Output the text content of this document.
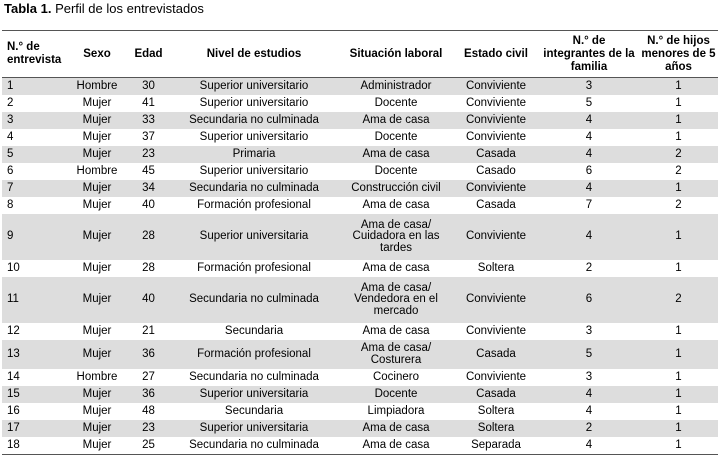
Tabla 1. Perfil de los entrevistados
N.° de entrevista	Sexo	Edad	Nivel de estudios	Situación laboral	Estado civil	N.° de integrantes de la familia	N.° de hijos menores de 5 años
1	Hombre	30	Superior universitario	Administrador	Conviviente	3	1
2	Mujer	41	Superior universitario	Docente	Conviviente	5	1
3	Mujer	33	Secundaria no culminada	Ama de casa	Conviviente	4	1
4	Mujer	37	Superior universitario	Docente	Conviviente	4	1
5	Mujer	23	Primaria	Ama de casa	Casada	4	2
6	Hombre	45	Superior universitario	Docente	Casado	6	2
7	Mujer	34	Secundaria no culminada	Construcción civil	Conviviente	4	1
8	Mujer	40	Formación profesional	Ama de casa	Casada	7	2
9	Mujer	28	Superior universitaria	Ama de casa/ Cuidadora en las tardes	Conviviente	4	1
10	Mujer	28	Formación profesional	Ama de casa	Soltera	2	1
11	Mujer	40	Secundaria no culminada	Ama de casa/ Vendedora en el mercado	Conviviente	6	2
12	Mujer	21	Secundaria	Ama de casa	Conviviente	3	1
13	Mujer	36	Formación profesional	Ama de casa/ Costurera	Casada	5	1
14	Hombre	27	Secundaria no culminada	Cocinero	Conviviente	3	1
15	Mujer	36	Superior universitaria	Docente	Casada	4	1
16	Mujer	48	Secundaria	Limpiadora	Soltera	4	1
17	Mujer	23	Superior universitaria	Ama de casa	Soltera	2	1
18	Mujer	25	Secundaria no culminada	Ama de casa	Separada	4	1
